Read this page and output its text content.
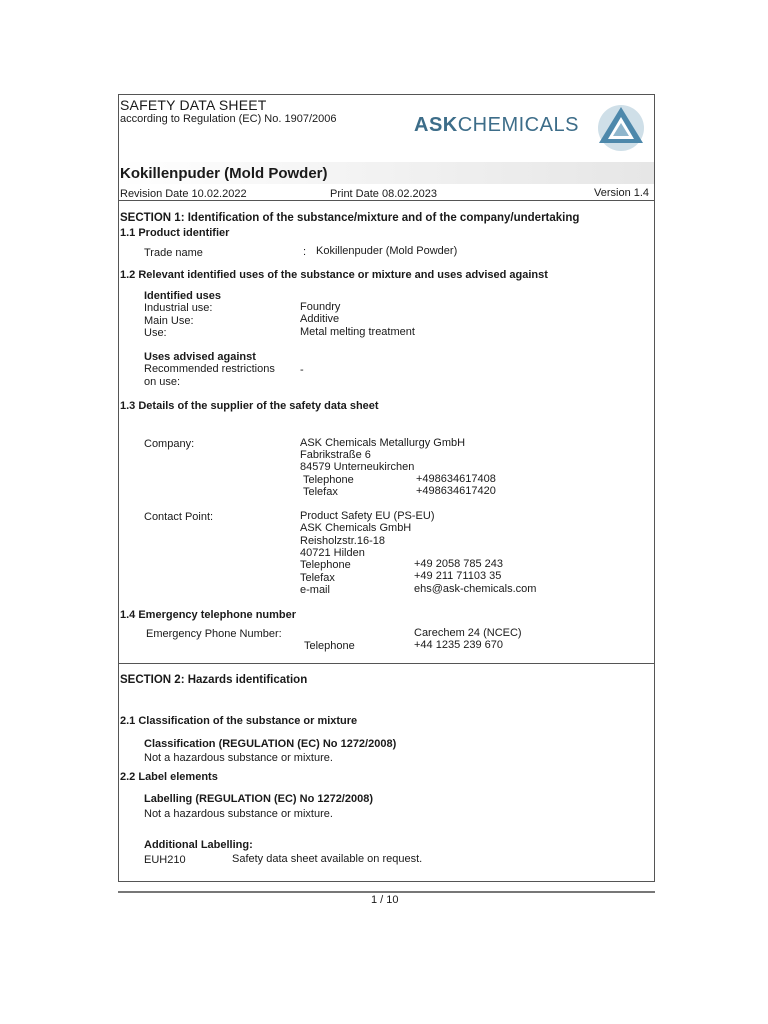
SAFETY DATA SHEET
according to Regulation (EC) No. 1907/2006	ASKCHEMICALS
Kokillenpuder (Mold Powder)
Revision Date 10.02.2022	Print Date 08.02.2023	Version 1.4
SECTION 1: Identification of the substance/mixture and of the company/undertaking
1.1 Product identifier
Trade name	: Kokillenpuder (Mold Powder)
1.2 Relevant identified uses of the substance or mixture and uses advised against
Identified uses
Industrial use:	Foundry
Main Use:	Additive
Use:	Metal melting treatment
Uses advised against
Recommended restrictions
on use:
-
1.3 Details of the supplier of the safety data sheet
Company:	ASK Chemicals Metallurgy GmbH
Fabrikstraße 6
84579 Unterneukirchen
Telephone	+498634617408
Telefax	+498634617420
Contact Point:	Product Safety EU (PS-EU)
ASK Chemicals GmbH
Reisholzstr.16-18
40721 Hilden
Telephone	+49 2058 785 243
Telefax	+49 211 71103 35
e-mail	ehs@ask-chemicals.com
1.4 Emergency telephone number
Emergency Phone Number:	Carechem 24 (NCEC)
Telephone	+44 1235 239 670
SECTION 2: Hazards identification
2.1 Classification of the substance or mixture
Classification (REGULATION (EC) No 1272/2008)
Not a hazardous substance or mixture.
2.2 Label elements
Labelling (REGULATION (EC) No 1272/2008)
Not a hazardous substance or mixture.
Additional Labelling:
EUH210	Safety data sheet available on request.
1 / 10
